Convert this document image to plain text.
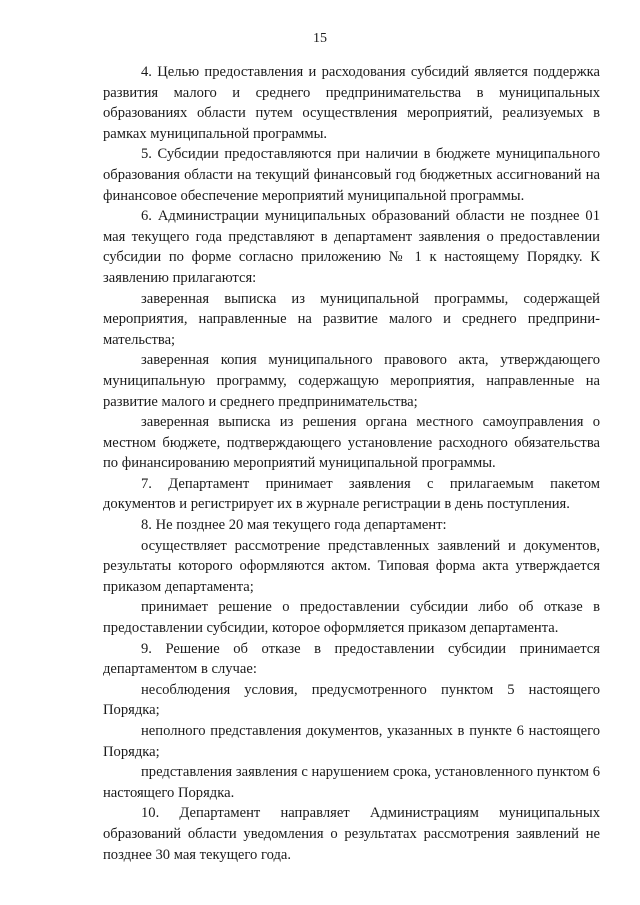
15

4. Целью предоставления и расходования субсидий является поддержка развития малого и среднего предпринимательства в муниципальных образованиях области путем осуществления мероприятий, реализуемых в рамках муниципальной программы.

5. Субсидии предоставляются при наличии в бюджете муниципального образования области на текущий финансовый год бюджетных ассигнований на финансовое обеспечение мероприятий муниципальной программы.

6. Администрации муниципальных образований области не позднее 01 мая текущего года представляют в департамент заявления о предоставлении субсидии по форме согласно приложению № 1 к настоящему Порядку. К заявлению прилагаются:

заверенная выписка из муниципальной программы, содержащей мероприятия, направленные на развитие малого и среднего предприни-мательства;

заверенная копия муниципального правового акта, утверждающего муниципальную программу, содержащую мероприятия, направленные на развитие малого и среднего предпринимательства;

заверенная выписка из решения органа местного самоуправления о местном бюджете, подтверждающего установление расходного обязательства по финансированию мероприятий муниципальной программы.

7. Департамент принимает заявления с прилагаемым пакетом документов и регистрирует их в журнале регистрации в день поступления.

8. Не позднее 20 мая текущего года департамент:

осуществляет рассмотрение представленных заявлений и документов, результаты которого оформляются актом. Типовая форма акта утверждается приказом департамента;

принимает решение о предоставлении субсидии либо об отказе в предоставлении субсидии, которое оформляется приказом департамента.

9. Решение об отказе в предоставлении субсидии принимается департаментом в случае:

несоблюдения условия, предусмотренного пунктом 5 настоящего Порядка;

неполного представления документов, указанных в пункте 6 настоящего Порядка;

представления заявления с нарушением срока, установленного пунктом 6 настоящего Порядка.

10. Департамент направляет Администрациям муниципальных образований области уведомления о результатах рассмотрения заявлений не позднее 30 мая текущего года.
